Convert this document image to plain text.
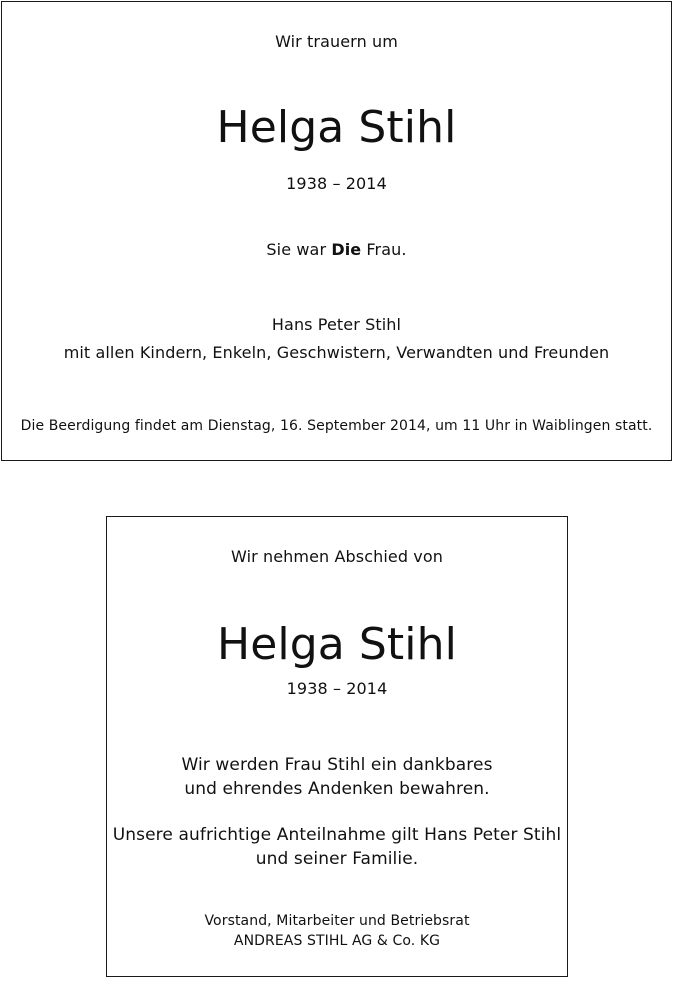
Wir trauern um

Helga Stihl

1938 – 2014

Sie war Die Frau.

Hans Peter Stihl

mit allen Kindern, Enkeln, Geschwistern, Verwandten und Freunden

Die Beerdigung findet am Dienstag, 16. September 2014, um 11 Uhr in Waiblingen statt.

Wir nehmen Abschied von

Helga Stihl

1938 – 2014

Wir werden Frau Stihl ein dankbares

und ehrendes Andenken bewahren.

Unsere aufrichtige Anteilnahme gilt Hans Peter Stihl

und seiner Familie.

Vorstand, Mitarbeiter und Betriebsrat

ANDREAS STIHL AG & Co. KG
